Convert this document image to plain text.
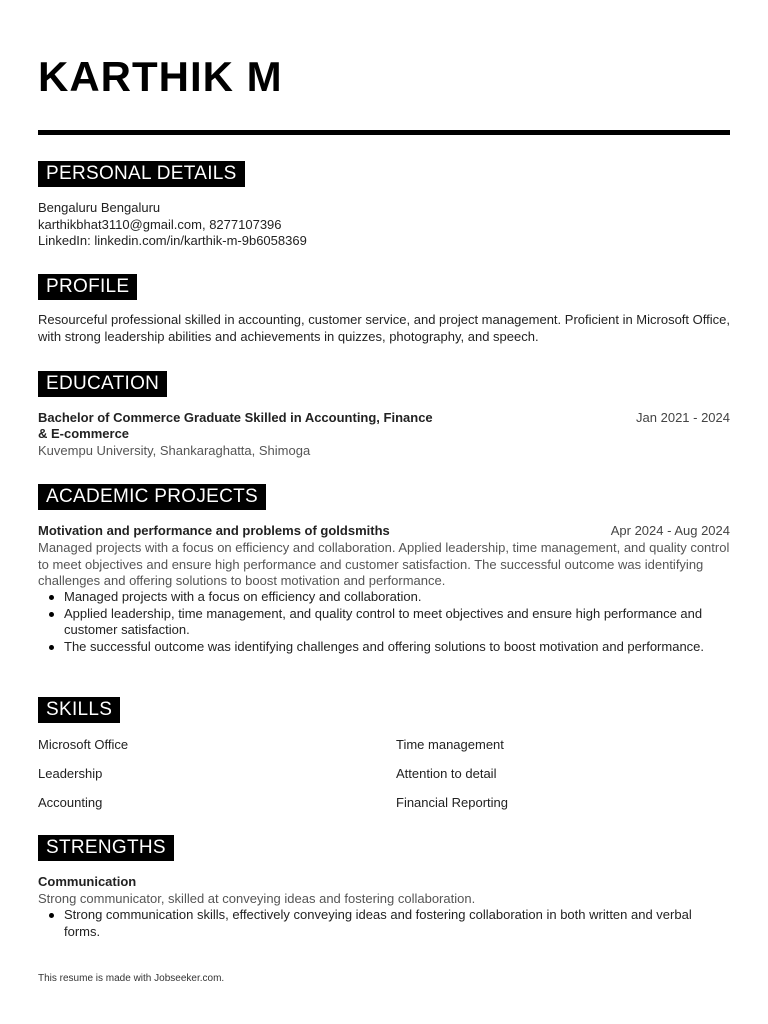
KARTHIK M
PERSONAL DETAILS
Bengaluru Bengaluru
karthikbhat3110@gmail.com, 8277107396
LinkedIn: linkedin.com/in/karthik-m-9b6058369
PROFILE
Resourceful professional skilled in accounting, customer service, and project management. Proficient in Microsoft Office, with strong leadership abilities and achievements in quizzes, photography, and speech.
EDUCATION
Bachelor of Commerce Graduate Skilled in Accounting, Finance	Jan 2021 - 2024
& E-commerce
Kuvempu University, Shankaraghatta, Shimoga
ACADEMIC PROJECTS
Motivation and performance and problems of goldsmiths	Apr 2024 - Aug 2024
Managed projects with a focus on efficiency and collaboration. Applied leadership, time management, and quality control to meet objectives and ensure high performance and customer satisfaction. The successful outcome was identifying challenges and offering solutions to boost motivation and performance.
Managed projects with a focus on efficiency and collaboration.
Applied leadership, time management, and quality control to meet objectives and ensure high performance and customer satisfaction.
The successful outcome was identifying challenges and offering solutions to boost motivation and performance.
SKILLS
Microsoft Office	Time management
Leadership	Attention to detail
Accounting	Financial Reporting
STRENGTHS
Communication
Strong communicator, skilled at conveying ideas and fostering collaboration.
Strong communication skills, effectively conveying ideas and fostering collaboration in both written and verbal forms.
This resume is made with Jobseeker.com.
